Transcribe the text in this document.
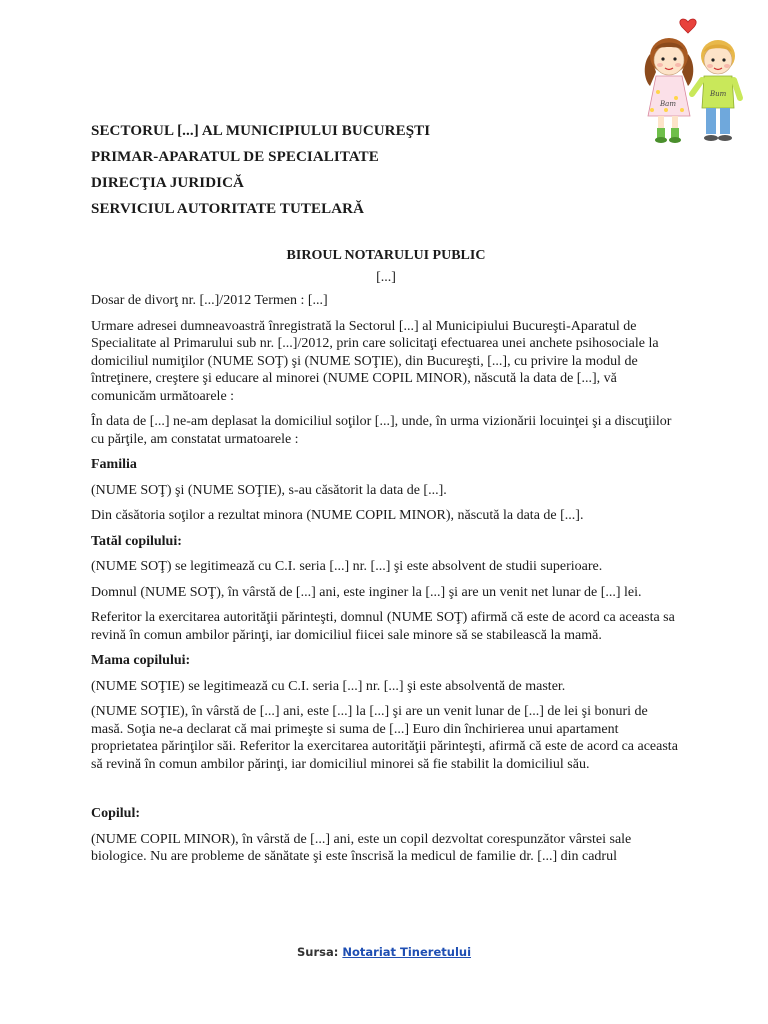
SECTORUL [...] AL MUNICIPIULUI BUCUREŞTI
PRIMAR-APARATUL DE SPECIALITATE
DIRECŢIA JURIDICĂ
SERVICIUL AUTORITATE TUTELARĂ
Bam
Bum

BIROUL NOTARULUI PUBLIC

[...]

Dosar de divorţ nr. [...]/2012 Termen : [...]

Urmare adresei dumneavoastră înregistrată la Sectorul [...] al Municipiului Bucureşti-Aparatul de Specialitate al Primarului sub nr. [...]/2012, prin care solicitaţi efectuarea unei anchete psihosociale la domiciliul numiţilor (NUME SOŢ) şi (NUME SOŢIE), din Bucureşti, [...], cu privire la modul de întreţinere, creştere şi educare al minorei (NUME COPIL MINOR), născută la data de [...], vă comunicăm următoarele :

În data de [...] ne-am deplasat la domiciliul soţilor [...], unde, în urma vizionării locuinţei şi a discuţiilor cu părţile, am constatat urmatoarele :

Familia

(NUME SOŢ) şi (NUME SOŢIE), s-au căsătorit la data de [...].

Din căsătoria soţilor a rezultat minora (NUME COPIL MINOR), născută la data de [...].

Tatăl copilului:

(NUME SOŢ) se legitimează cu C.I. seria [...] nr. [...] şi este absolvent de studii superioare.

Domnul (NUME SOŢ), în vârstă de [...] ani, este inginer la [...] şi are un venit net lunar de [...] lei.

Referitor la exercitarea autorităţii părinteşti, domnul (NUME SOŢ) afirmă că este de acord ca aceasta sa revină în comun ambilor părinţi, iar domiciliul fiicei sale minore să se stabilească la mamă.

Mama copilului:

(NUME SOŢIE) se legitimează cu C.I. seria [...] nr. [...] şi este absolventă de master.

(NUME SOŢIE), în vârstă de [...] ani, este [...] la [...] şi are un venit lunar de [...] de lei şi bonuri de masă. Soţia ne-a declarat că mai primeşte si suma de [...] Euro din închirierea unui apartament proprietatea părinţilor săi. Referitor la exercitarea autorităţii părinteşti, afirmă că este de acord ca aceasta să revină în comun ambilor părinţi, iar domiciliul minorei să fie stabilit la domiciliul său.

Copilul:

(NUME COPIL MINOR), în vârstă de [...] ani, este un copil dezvoltat corespunzător vârstei sale biologice. Nu are probleme de sănătate şi este înscrisă la medicul de familie dr. [...] din cadrul

Sursa: Notariat Tineretului
